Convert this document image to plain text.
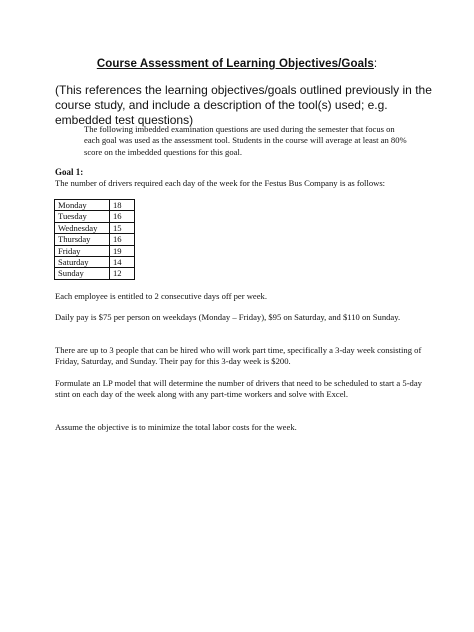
Course Assessment of Learning Objectives/Goals:
(This references the learning objectives/goals outlined previously in the course study, and include a description of the tool(s) used; e.g. embedded test questions)
The following imbedded examination questions are used during the semester that focus on each goal was used as the assessment tool. Students in the course will average at least an 80% score on the imbedded questions for this goal.
Goal 1:
The number of drivers required each day of the week for the Festus Bus Company is as follows:
Monday	18
Tuesday	16
Wednesday	15
Thursday	16
Friday	19
Saturday	14
Sunday	12
Each employee is entitled to 2 consecutive days off per week.
Daily pay is $75 per person on weekdays (Monday – Friday), $95 on Saturday, and $110 on Sunday.
There are up to 3 people that can be hired who will work part time, specifically a 3-day week consisting of Friday, Saturday, and Sunday. Their pay for this 3-day week is $200.
Formulate an LP model that will determine the number of drivers that need to be scheduled to start a 5-day stint on each day of the week along with any part-time workers and solve with Excel.
Assume the objective is to minimize the total labor costs for the week.
